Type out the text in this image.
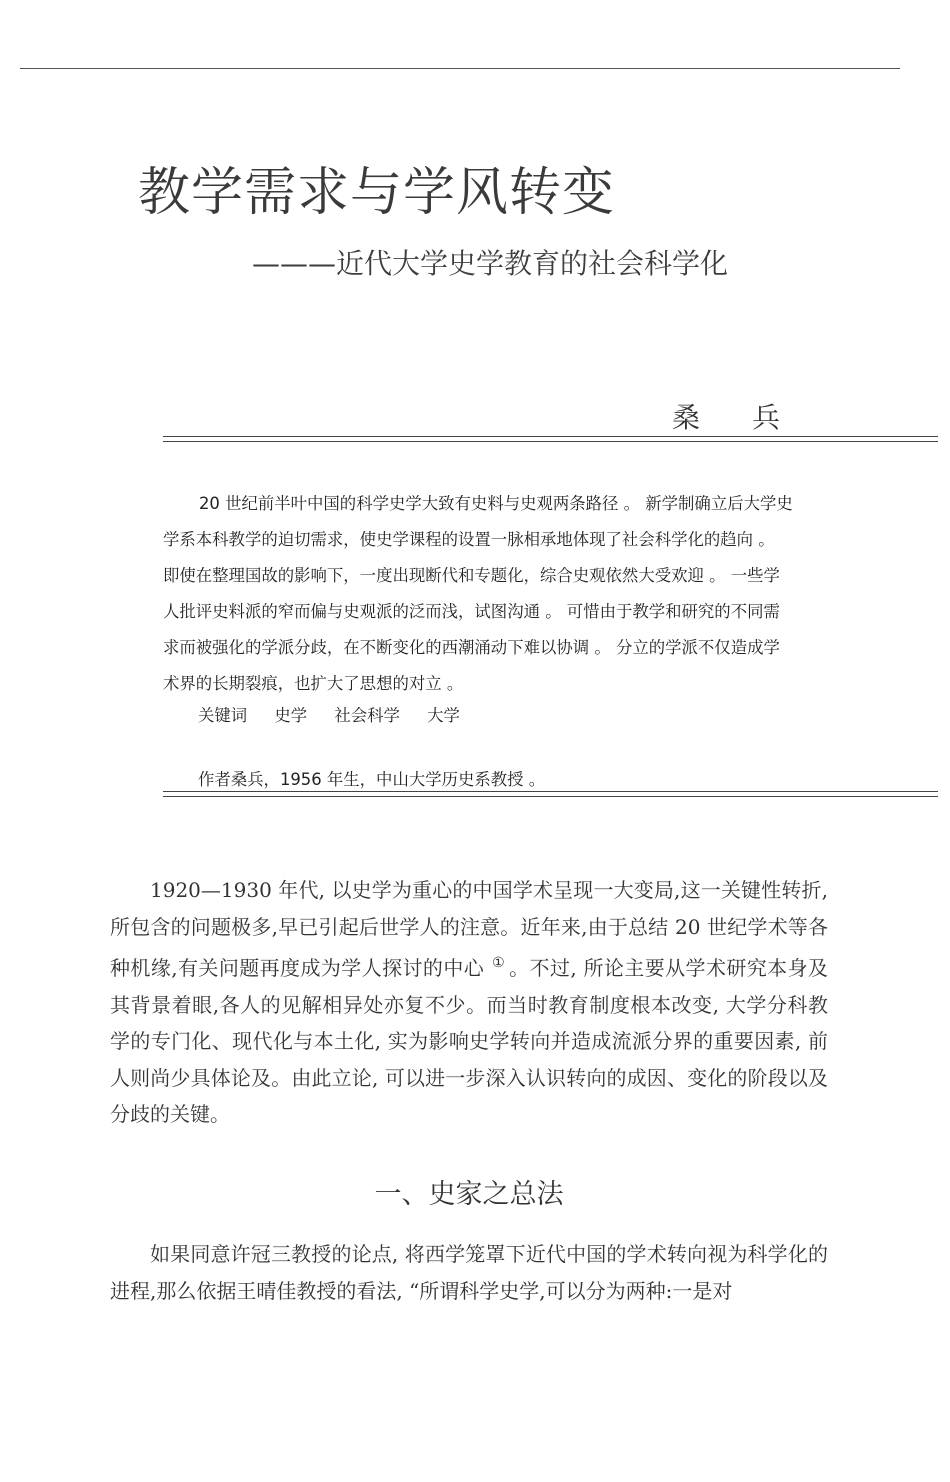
教学需求与学风转变
———近代大学史学教育的社会科学化
桑兵

20 世纪前半叶中国的科学史学大致有史料与史观两条路径 。 新学制确立后大学史学系本科教学的迫切需求，使史学课程的设置一脉相承地体现了社会科学化的趋向 。 即使在整理国故的影响下，一度出现断代和专题化，综合史观依然大受欢迎 。 一些学人批评史料派的窄而偏与史观派的泛而浅，试图沟通 。 可惜由于教学和研究的不同需求而被强化的学派分歧，在不断变化的西潮涌动下难以协调 。 分立的学派不仅造成学术界的长期裂痕，也扩大了思想的对立 。

关键词 史学 社会科学 大学
作者桑兵，1956 年生，中山大学历史系教授 。

1920—1930 年代, 以史学为重心的中国学术呈现一大变局,这一关键性转折,所包含的问题极多,早已引起后世学人的注意。近年来,由于总结 20 世纪学术等各种机缘,有关问题再度成为学人探讨的中心 ① 。不过, 所论主要从学术研究本身及其背景着眼,各人的见解相异处亦复不少。而当时教育制度根本改变, 大学分科教学的专门化、现代化与本土化, 实为影响史学转向并造成流派分界的重要因素, 前人则尚少具体论及。由此立论, 可以进一步深入认识转向的成因、变化的阶段以及分歧的关键。

一、史家之总法

如果同意许冠三教授的论点, 将西学笼罩下近代中国的学术转向视为科学化的进程,那么依据王晴佳教授的看法, “所谓科学史学,可以分为两种:一是对
